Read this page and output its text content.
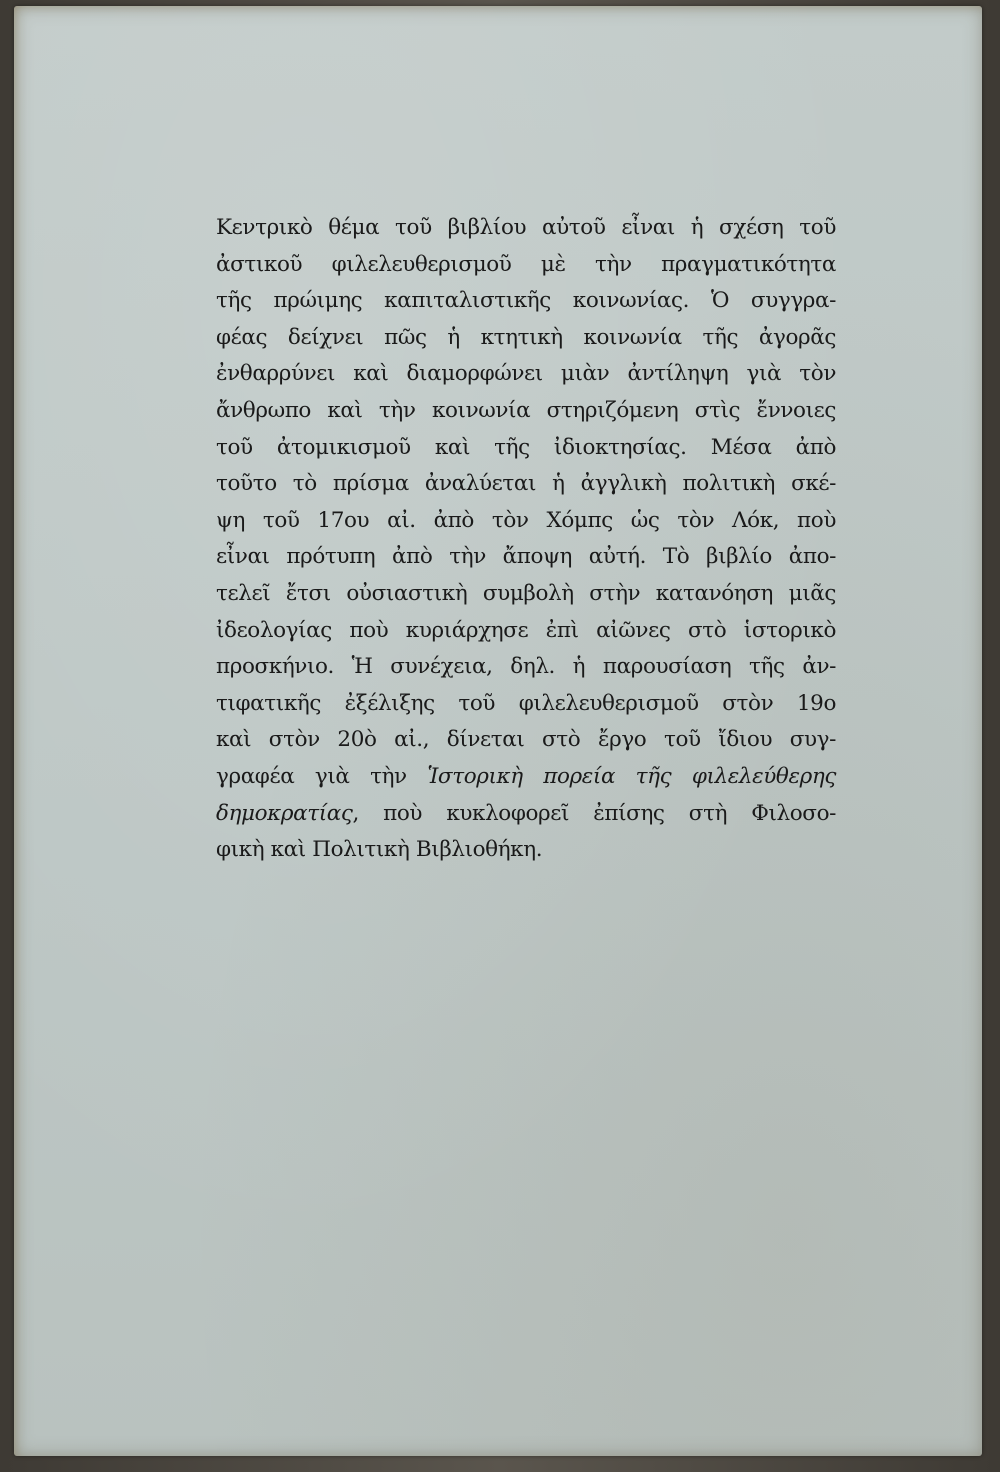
Κεντρικὸ θέμα τοῦ βιβλίου αὐτοῦ εἶναι ἡ σχέση τοῦ
ἀστικοῦ φιλελευθερισμοῦ μὲ τὴν πραγματικότητα
τῆς πρώιμης καπιταλιστικῆς κοινωνίας. Ὁ συγγρα-
φέας δείχνει πῶς ἡ κτητικὴ κοινωνία τῆς ἀγορᾶς
ἐνθαρρύνει καὶ διαμορφώνει μιὰν ἀντίληψη γιὰ τὸν
ἄνθρωπο καὶ τὴν κοινωνία στηριζόμενη στὶς ἔννοιες
τοῦ ἀτομικισμοῦ καὶ τῆς ἰδιοκτησίας. Μέσα ἀπὸ
τοῦτο τὸ πρίσμα ἀναλύεται ἡ ἀγγλικὴ πολιτικὴ σκέ-
ψη τοῦ 17ου αἰ. ἀπὸ τὸν Χόμπς ὡς τὸν Λόκ, ποὺ
εἶναι πρότυπη ἀπὸ τὴν ἄποψη αὐτή. Τὸ βιβλίο ἀπο-
τελεῖ ἔτσι οὐσιαστικὴ συμβολὴ στὴν κατανόηση μιᾶς
ἰδεολογίας ποὺ κυριάρχησε ἐπὶ αἰῶνες στὸ ἱστορικὸ
προσκήνιο. Ἡ συνέχεια, δηλ. ἡ παρουσίαση τῆς ἀν-
τιφατικῆς ἐξέλιξης τοῦ φιλελευθερισμοῦ στὸν 19ο
καὶ στὸν 20ὸ αἰ., δίνεται στὸ ἔργο τοῦ ἴδιου συγ-
γραφέα γιὰ τὴν Ἱστορικὴ πορεία τῆς φιλελεύθερης
δημοκρατίας, ποὺ κυκλοφορεῖ ἐπίσης στὴ Φιλοσο-
φικὴ καὶ Πολιτικὴ Βιβλιοθήκη.
